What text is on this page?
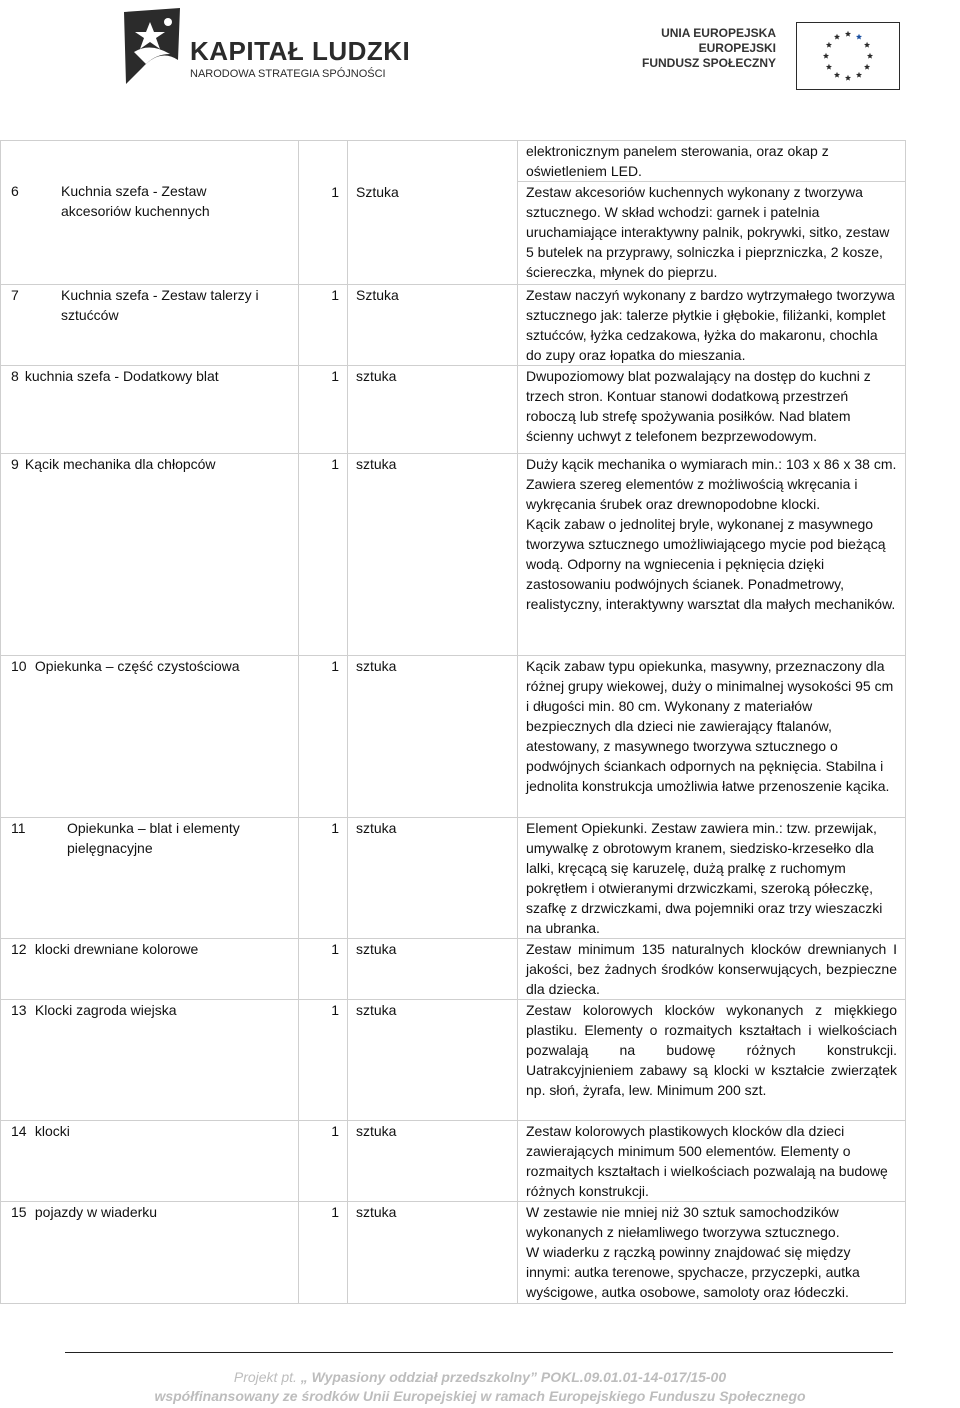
KAPITAŁ LUDZKI
NARODOWA STRATEGIA SPÓJNOŚCI
UNIA EUROPEJSKA
EUROPEJSKI
FUNDUSZ SPOŁECZNY
6 Kuchnia szefa - Zestaw akcesoriów kuchennych			elektronicznym panelem sterowania, oraz okap z oświetleniem LED.
	1	Sztuka	Zestaw akcesoriów kuchennych wykonany z tworzywa sztucznego. W skład wchodzi: garnek i patelnia uruchamiające interaktywny palnik, pokrywki, sitko, zestaw 5 butelek na przyprawy, solniczka i pieprzniczka, 2 kosze, ściereczka, młynek do pieprzu.
7 Kuchnia szefa - Zestaw talerzy i sztućców	1	Sztuka	Zestaw naczyń wykonany z bardzo wytrzymałego tworzywa sztucznego jak: talerze płytkie i głębokie, filiżanki, komplet sztućców, łyżka cedzakowa, łyżka do makaronu, chochla do zupy oraz łopatka do mieszania.
8 kuchnia szefa - Dodatkowy blat	1	sztuka	Dwupoziomowy blat pozwalający na dostęp do kuchni z trzech stron. Kontuar stanowi dodatkową przestrzeń roboczą lub strefę spożywania posiłków. Nad blatem ścienny uchwyt z telefonem bezprzewodowym.
9 Kącik mechanika dla chłopców	1	sztuka	Duży kącik mechanika o wymiarach min.: 103 x 86 x 38 cm. Zawiera szereg elementów z możliwością wkręcania i wykręcania śrubek oraz drewnopodobne klocki.
Kącik zabaw o jednolitej bryle, wykonanej z masywnego tworzywa sztucznego umożliwiającego mycie pod bieżącą wodą. Odporny na wgniecenia i pęknięcia dzięki zastosowaniu podwójnych ścianek. Ponadmetrowy, realistyczny, interaktywny warsztat dla małych mechaników.

10 Opiekunka – część czystościowa	1	sztuka	Kącik zabaw typu opiekunka, masywny, przeznaczony dla różnej grupy wiekowej, duży o minimalnej wysokości 95 cm i długości min. 80 cm. Wykonany z materiałów bezpiecznych dla dzieci nie zawierający ftalanów, atestowany, z masywnego tworzywa sztucznego o podwójnych ściankach odpornych na pęknięcia. Stabilna i jednolita konstrukcja umożliwia łatwe przenoszenie kącika.
11 Opiekunka – blat i elementy pielęgnacyjne	1	sztuka	Element Opiekunki. Zestaw zawiera min.: tzw. przewijak, umywalkę z obrotowym kranem, siedzisko-krzesełko dla lalki, kręcącą się karuzelę, dużą pralkę z ruchomym pokrętłem i otwieranymi drzwiczkami, szeroką półeczkę, szafkę z drzwiczkami, dwa pojemniki oraz trzy wieszaczki na ubranka.
12 klocki drewniane kolorowe	1	sztuka	Zestaw minimum 135 naturalnych klocków drewnianych I jakości, bez żadnych środków konserwujących, bezpieczne dla dziecka.
13 Klocki zagroda wiejska	1	sztuka	Zestaw kolorowych klocków wykonanych z miękkiego plastiku. Elementy o rozmaitych kształtach i wielkościach pozwalają na budowę różnych konstrukcji. Uatrakcyjnieniem zabawy są klocki w kształcie zwierzątek np. słoń, żyrafa, lew. Minimum 200 szt.
14 klocki	1	sztuka	Zestaw kolorowych plastikowych klocków dla dzieci zawierających minimum 500 elementów. Elementy o rozmaitych kształtach i wielkościach pozwalają na budowę różnych konstrukcji.
15 pojazdy w wiaderku	1	sztuka	W zestawie nie mniej niż 30 sztuk samochodzików wykonanych z niełamliwego tworzywa sztucznego.
W wiaderku z rączką powinny znajdować się między innymi: autka terenowe, spychacze, przyczepki, autka wyścigowe, autka osobowe, samoloty oraz łódeczki.
Projekt pt. „ Wypasiony oddział przedszkolny” POKL.09.01.01-14-017/15-00
współfinansowany ze środków Unii Europejskiej w ramach Europejskiego Funduszu Społecznego
